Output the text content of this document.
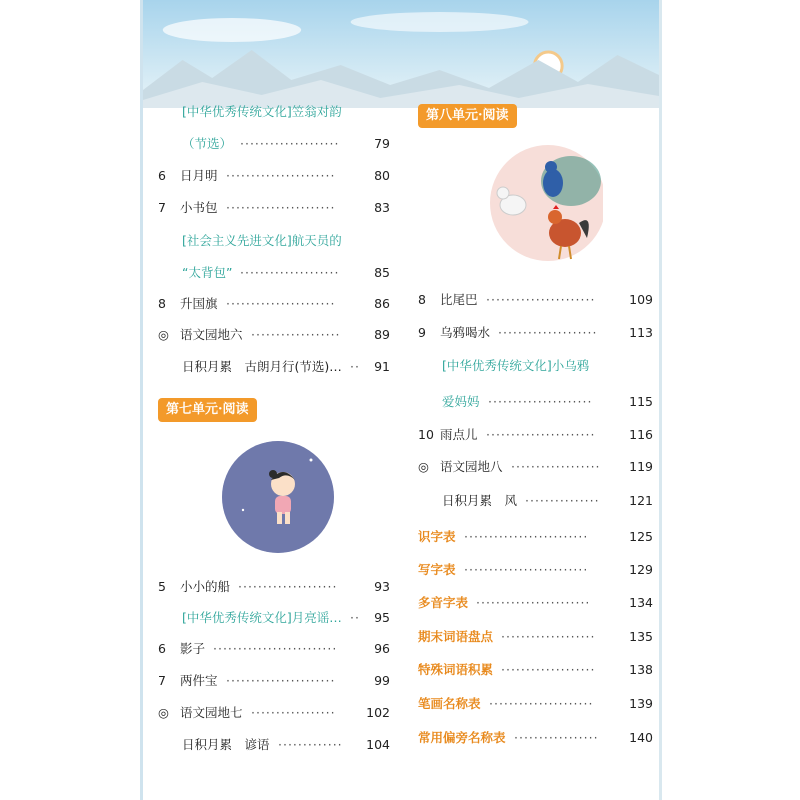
[中华优秀传统文化]笠翁对韵
（节选）	79
····················
6 日月明	80
······················
7 小书包	83
······················
[社会主义先进文化]航天员的
“太背包”	85
····················
8 升国旗	86
······················
◎ 语文园地六	89
··················
日积月累　古朗月行(节选)…	91
··
5 小小的船	93
····················
[中华优秀传统文化]月亮谣…	95
··
6 影子	96
·························
7 两件宝	99
······················
◎ 语文园地七	102
·················
日积月累　谚语	104
·············
8 比尾巴	109
······················
9 乌鸦喝水	113
····················
[中华优秀传统文化]小乌鸦
爱妈妈	115
·····················
10 雨点儿	116
······················
◎ 语文园地八	119
··················
日积月累　风	121
···············
识字表	125
·························
写字表	129
·························
多音字表	134
·······················
期末词语盘点	135
···················
特殊词语积累	138
···················
笔画名称表	139
·····················
常用偏旁名称表	140
·················
第七单元·阅读
第八单元·阅读
